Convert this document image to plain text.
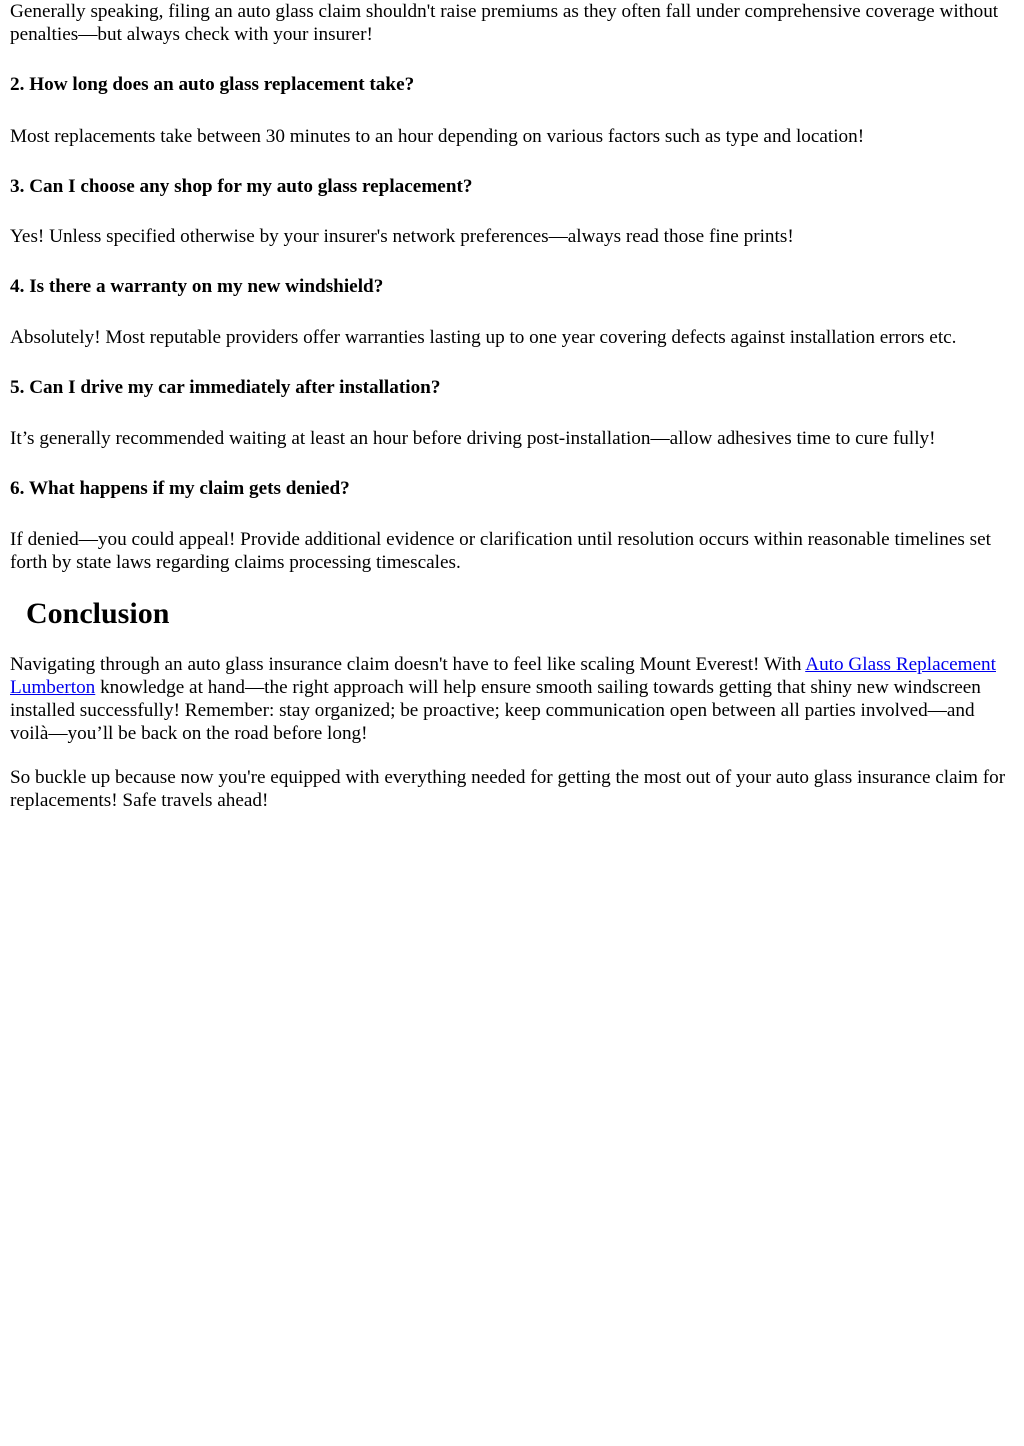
Generally speaking, filing an auto glass claim shouldn't raise premiums as they often fall under comprehensive coverage without penalties—but always check with your insurer!

2. How long does an auto glass replacement take?

Most replacements take between 30 minutes to an hour depending on various factors such as type and location!

3. Can I choose any shop for my auto glass replacement?

Yes! Unless specified otherwise by your insurer's network preferences—always read those fine prints!

4. Is there a warranty on my new windshield?

Absolutely! Most reputable providers offer warranties lasting up to one year covering defects against installation errors etc.

5. Can I drive my car immediately after installation?

It’s generally recommended waiting at least an hour before driving post-installation—allow adhesives time to cure fully!

6. What happens if my claim gets denied?

If denied—you could appeal! Provide additional evidence or clarification until resolution occurs within reasonable timelines set forth by state laws regarding claims processing timescales.

Conclusion

Navigating through an auto glass insurance claim doesn't have to feel like scaling Mount Everest! With Auto Glass Replacement Lumberton knowledge at hand—the right approach will help ensure smooth sailing towards getting that shiny new windscreen installed successfully! Remember: stay organized; be proactive; keep communication open between all parties involved—and voilà—you’ll be back on the road before long!

So buckle up because now you're equipped with everything needed for getting the most out of your auto glass insurance claim for replacements! Safe travels ahead!
